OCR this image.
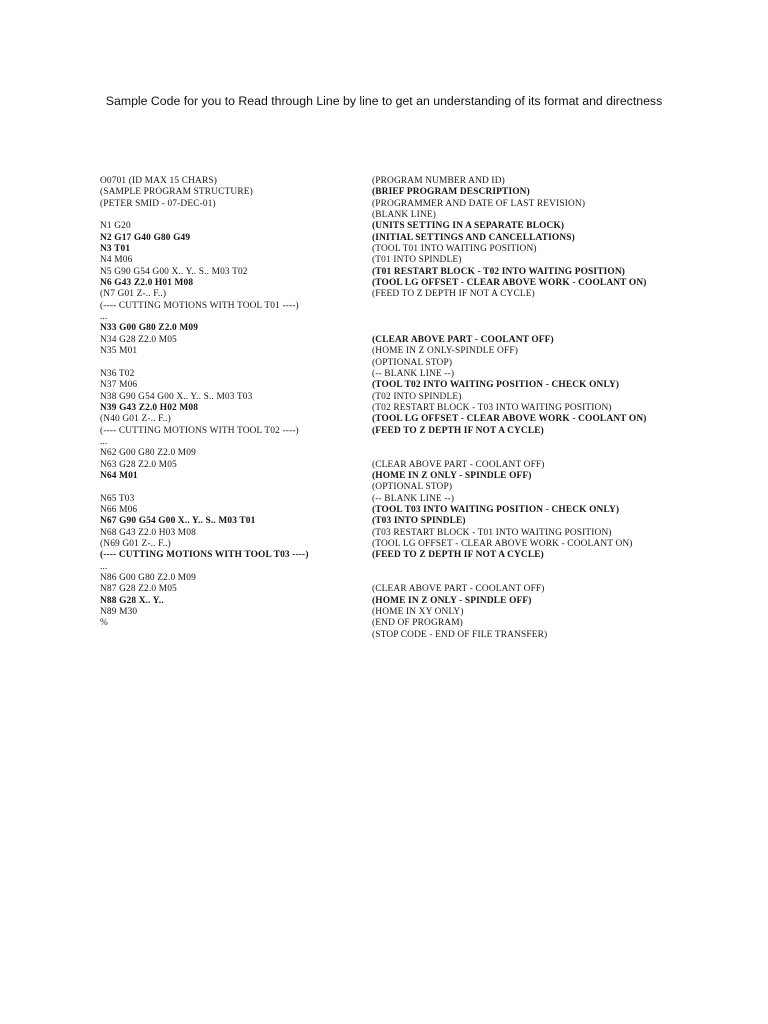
Sample Code for you to Read through Line by line to get an understanding of its format and directness
O0701 (ID MAX 15 CHARS)
(SAMPLE PROGRAM STRUCTURE)
(PETER SMID - 07-DEC-01)
N1 G20
N2 G17 G40 G80 G49
N3 T01
N4 M06
N5 G90 G54 G00 X.. Y.. S.. M03 T02
N6 G43 Z2.0 H01 M08
(N7 G01 Z-.. F..)
(---- CUTTING MOTIONS WITH TOOL T01 ----)
...
N33 G00 G80 Z2.0 M09
N34 G28 Z2.0 M05
N35 M01
N36 T02
N37 M06
N38 G90 G54 G00 X.. Y.. S.. M03 T03
N39 G43 Z2.0 H02 M08
(N40 G01 Z-.. F..)
(---- CUTTING MOTIONS WITH TOOL T02 ----)
...
N62 G00 G80 Z2.0 M09
N63 G28 Z2.0 M05
N64 M01
N65 T03
N66 M06
N67 G90 G54 G00 X.. Y.. S.. M03 T01
N68 G43 Z2.0 H03 M08
(N69 G01 Z-.. F..)
(---- CUTTING MOTIONS WITH TOOL T03 ----)
...
N86 G00 G80 Z2.0 M09
N87 G28 Z2.0 M05
N88 G28 X.. Y..
N89 M30
%
(PROGRAM NUMBER AND ID)
(BRIEF PROGRAM DESCRIPTION)
(PROGRAMMER AND DATE OF LAST REVISION)
(BLANK LINE)
(UNITS SETTING IN A SEPARATE BLOCK)
(INITIAL SETTINGS AND CANCELLATIONS)
(TOOL T01 INTO WAITING POSITION)
(T01 INTO SPINDLE)
(T01 RESTART BLOCK - T02 INTO WAITING POSITION)
(TOOL LG OFFSET - CLEAR ABOVE WORK - COOLANT ON)
(FEED TO Z DEPTH IF NOT A CYCLE)
(CLEAR ABOVE PART - COOLANT OFF)
(HOME IN Z ONLY-SPINDLE OFF)
(OPTIONAL STOP)
(-- BLANK LINE --)
(TOOL T02 INTO WAITING POSITION - CHECK ONLY)
(T02 INTO SPINDLE)
(T02 RESTART BLOCK - T03 INTO WAITING POSITION)
(TOOL LG OFFSET - CLEAR ABOVE WORK - COOLANT ON)
(FEED TO Z DEPTH IF NOT A CYCLE)
(CLEAR ABOVE PART - COOLANT OFF)
(HOME IN Z ONLY - SPINDLE OFF)
(OPTIONAL STOP)
(-- BLANK LINE --)
(TOOL T03 INTO WAITING POSITION - CHECK ONLY)
(T03 INTO SPINDLE)
(T03 RESTART BLOCK - T01 INTO WAITING POSITION)
(TOOL LG OFFSET - CLEAR ABOVE WORK - COOLANT ON)
(FEED TO Z DEPTH IF NOT A CYCLE)
(CLEAR ABOVE PART - COOLANT OFF)
(HOME IN Z ONLY - SPINDLE OFF)
(HOME IN XY ONLY)
(END OF PROGRAM)
(STOP CODE - END OF FILE TRANSFER)
